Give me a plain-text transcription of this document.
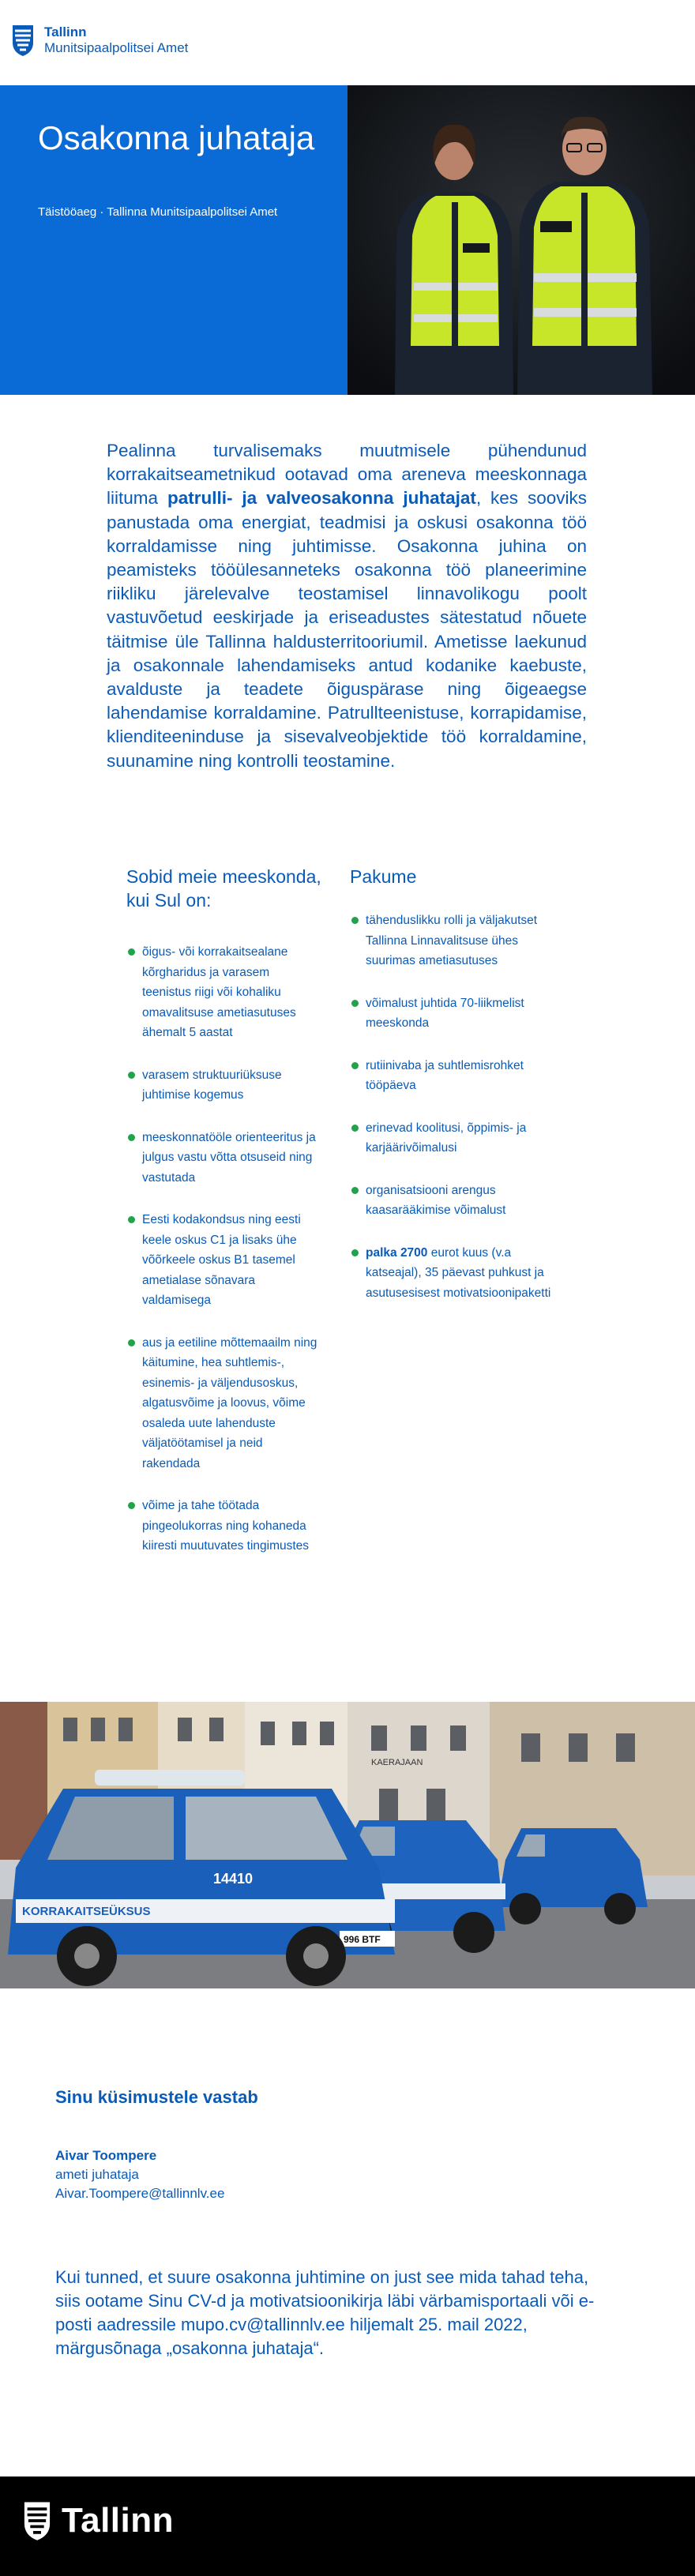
Tallinn
Munitsipaalpolitsei Amet
Osakonna juhataja
Täistööaeg · Tallinna Munitsipaalpolitsei Amet

Pealinna turvalisemaks muutmisele pühendunud korrakaitseametnikud ootavad oma areneva meeskonnaga liituma patrulli- ja valveosakonna juhatajat, kes sooviks panustada oma energiat, teadmisi ja oskusi osakonna töö korraldamisse ning juhtimisse. Osakonna juhina on peamisteks tööülesanneteks osakonna töö planeerimine riikliku järelevalve teostamisel linnavolikogu poolt vastuvõetud eeskirjade ja eriseadustes sätestatud nõuete täitmise üle Tallinna haldusterritooriumil. Ametisse laekunud ja osakonnale lahendamiseks antud kodanike kaebuste, avalduste ja teadete õiguspärase ning õigeaegse lahendamise korraldamine. Patrullteenistuse, korrapidamise, klienditeeninduse ja sisevalveobjektide töö korraldamine, suunamine ning kontrolli teostamine.

Sobid meie meeskonda, kui Sul on:
õigus- või korrakaitsealane kõrgharidus ja varasem teenistus riigi või kohaliku omavalitsuse ametiasutuses ähemalt 5 aastat
varasem struktuuriüksuse juhtimise kogemus
meeskonnatööle orienteeritus ja julgus vastu võtta otsuseid ning vastutada
Eesti kodakondsus ning eesti keele oskus C1 ja lisaks ühe võõrkeele oskus B1 tasemel ametialase sõnavara valdamisega
aus ja eetiline mõttemaailm ning käitumine, hea suhtlemis-, esinemis- ja väljendusoskus, algatusvõime ja loovus, võime osaleda uute lahenduste väljatöötamisel ja neid rakendada
võime ja tahe töötada pingeolukorras ning kohaneda kiiresti muutuvates tingimustes
Pakume
tähenduslikku rolli ja väljakutset Tallinna Linnavalitsuse ühes suurimas ametiasutuses
võimalust juhtida 70-liikmelist meeskonda
rutiinivaba ja suhtlemisrohket tööpäeva
erinevad koolitusi, õppimis- ja karjäärivõimalusi
organisatsiooni arengus kaasarääkimise võimalust
palka 2700 eurot kuus (v.a katseajal), 35 päevast puhkust ja asutusesisest motivatsioonipaketti
KAERAJAAN
KORRAKAITSEÜKSUS
14410
996 BTF
Sinu küsimustele vastab
Aivar Toompere
ameti juhataja
Aivar.Toompere@tallinnlv.ee

Kui tunned, et suure osakonna juhtimine on just see mida tahad teha, siis ootame Sinu CV-d ja motivatsioonikirja läbi värbamisportaali või e-posti aadressile mupo.cv@tallinnlv.ee hiljemalt 25. mail 2022, märgusõnaga „osakonna juhataja“.

Tallinn
